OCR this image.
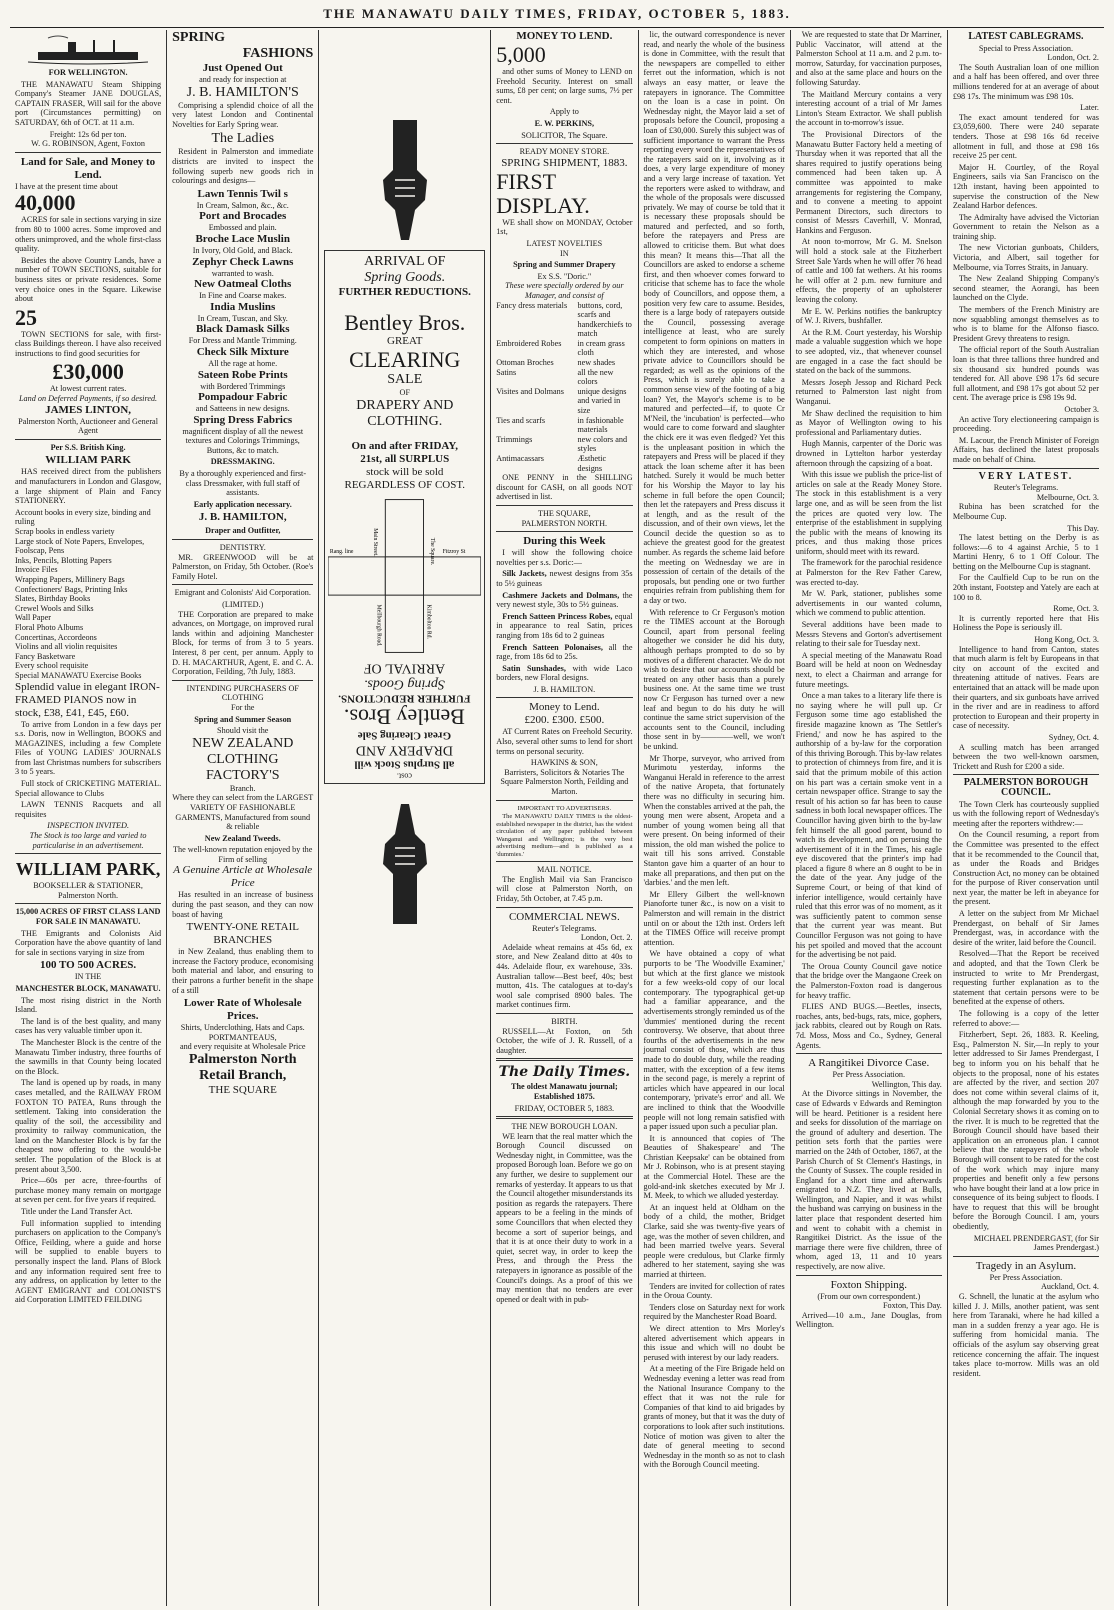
THE MANAWATU DAILY TIMES, FRIDAY, OCTOBER 5, 1883.
FOR WELLINGTON.

THE MANAWATU Steam Shipping Company's Steamer JANE DOUGLAS, CAPTAIN FRASER, Will sail for the above port (Circumstances permitting) on SATURDAY, 6th of OCT. at 11 a.m.

Freight: 12s 6d per ton.
W. G. ROBINSON, Agent, Foxton
Land for Sale, and Money to Lend.
I have at the present time about
40,000

ACRES for sale in sections varying in size from 80 to 1000 acres. Some improved and others unimproved, and the whole first-class quality.

Besides the above Country Lands, have a number of TOWN SECTIONS, suitable for business sites or private residences. Some very choice ones in the Square. Likewise about

25

TOWN SECTIONS for sale, with first-class Buildings thereon. I have also received instructions to find good securities for

£30,000
At lowest current rates.
Land on Deferred Payments, if so desired.
JAMES LINTON,
Palmerston North, Auctioneer and General Agent
Per S.S. British King.
WILLIAM PARK

HAS received direct from the publishers and manufacturers in London and Glasgow, a large shipment of Plain and Fancy STATIONERY.

Account books in every size, binding and ruling
Scrap books in endless variety
Large stock of Note Papers, Envelopes, Foolscap, Pens
Inks, Pencils, Blotting Papers
Invoice Files
Wrapping Papers, Millinery Bags
Confectioners' Bags, Printing Inks
Slates, Birthday Books
Crewel Wools and Silks
Wall Paper
Floral Photo Albums
Concertinas, Accordeons
Violins and all violin requisites
Fancy Basketware
Every school requisite
Special MANAWATU Exercise Books
Splendid value in elegant IRON-FRAMED PIANOS now in stock, £38, £41, £45, £60.

To arrive from London in a few days per s.s. Doris, now in Wellington, BOOKS and MAGAZINES, including a few Complete Files of YOUNG LADIES' JOURNALS from last Christmas numbers for subscribers 3 to 5 years.

Full stock of CRICKETING MATERIAL. Special allowance to Clubs

LAWN TENNIS Racquets and all requisites

INSPECTION INVITED.
The Stock is too large and varied to particularise in an advertisement.
WILLIAM PARK,
BOOKSELLER & STATIONER, Palmerston North.
15,000 ACRES OF FIRST CLASS LAND FOR SALE IN MANAWATU.

THE Emigrants and Colonists Aid Corporation have the above quantity of land for sale in sections varying in size from

100 TO 500 ACRES.
IN THE
MANCHESTER BLOCK, MANAWATU.

The most rising district in the North Island.

The land is of the best quality, and many cases has very valuable timber upon it.

The Manchester Block is the centre of the Manawatu Timber industry, three fourths of the sawmills in that County being located on the Block.

The land is opened up by roads, in many cases metalled, and the RAILWAY FROM FOXTON TO PATEA, Runs through the settlement. Taking into consideration the quality of the soil, the accessibility and proximity to railway communication, the land on the Manchester Block is by far the cheapest now offering to the would-be settler. The population of the Block is at present about 3,500.

Price—60s per acre, three-fourths of purchase money many remain on mortgage at seven per cent. for five years if required.

Title under the Land Transfer Act.

Full information supplied to intending purchasers on application to the Company's Office, Feilding, where a guide and horse will be supplied to enable buyers to personally inspect the land. Plans of Block and any information required sent free to any address, on application by letter to the AGENT EMIGRANT and COLONIST'S aid Corporation LIMITED FEILDING

SPRING
FASHIONS
Just Opened Out
and ready for inspection at
J. B. HAMILTON'S

Comprising a splendid choice of all the very latest London and Continental Novelties for Early Spring wear.

The Ladies

Resident in Palmerston and immediate districts are invited to inspect the following superb new goods rich in colourings and designs—

Lawn Tennis Twil s
In Cream, Salmon, &c., &c.
Port and Brocades
Embossed and plain.
Broche Lace Muslin
In Ivory, Old Gold, and Black.
Zephyr Check Lawns
warranted to wash.
New Oatmeal Cloths
In Fine and Coarse makes.
India Muslins
In Cream, Tuscan, and Sky.
Black Damask Silks
For Dress and Mantle Trimming.
Check Silk Mixture
All the rage at home.
Sateen Robe Prints
with Bordered Trimmings
Pompadour Fabric
and Satteens in new designs.
Spring Dress Fabrics
magnificent display of all the newest textures and Colorings Trimmings, Buttons, &c to match.
DRESSMAKING.
By a thoroughly experienced and first-class Dressmaker, with full staff of assistants.
Early application necessary.
J. B. HAMILTON,
Draper and Outfitter,
DENTISTRY.

MR. GREENWOOD will be at Palmerston, on Friday, 5th October. (Roe's Family Hotel.

Emigrant and Colonists' Aid Corporation.
(LIMITED.)

THE Corporation are prepared to make advances, on Mortgage, on improved rural lands within and adjoining Manchester Block, for terms of from 3 to 5 years. Interest, 8 per cent, per annum. Apply to D. H. MACARTHUR, Agent, E. and C. A. Corporation, Feilding, 7th July, 1883.

INTENDING PURCHASERS OF CLOTHING
For the
Spring and Summer Season
Should visit the
NEW ZEALAND CLOTHING FACTORY'S
Branch.
Where they can select from the LARGEST VARIETY OF FASHIONABLE GARMENTS, Manufactured from sound & reliable
New Zealand Tweeds.
The well-known reputation enjoyed by the Firm of selling
A Genuine Article at Wholesale Price

Has resulted in an increase of business during the past season, and they can now boast of having

TWENTY-ONE RETAIL BRANCHES

in New Zealand, thus enabling them to increase the Factory produce, economising both material and labor, and ensuring to their patrons a further benefit in the shape of a still

Lower Rate of Wholesale Prices.
Shirts, Underclothing, Hats and Caps.
PORTMANTEAUS,
and every requisite at Wholesale Price
Palmerston North Retail Branch,
THE SQUARE
ARRIVAL OF
Spring Goods.
FURTHER REDUCTIONS.
Bentley Bros.
GREAT
CLEARING
SALE
OF
DRAPERY AND
CLOTHING.
On and after FRIDAY,
21st, all SURPLUS
stock will be sold
REGARDLESS OF COST.
Main Street.	The Square.
Rang. line	Fitzroy St
Mellbourgh Road.	Kimbolton Rd.
cost.
all Surplus Stock will
DRAPERY AND
Great Clearing Sale
Bentley Bros.
FURTHER REDUCTIONS.
Spring Goods.
ARRIVAL OF
MONEY TO LEND.
5,000

and other sums of Money to LEND on Freehold Security. Interest on small sums, £8 per cent; on large sums, 7½ per cent.

Apply to
E. W. PERKINS,
SOLICITOR, The Square.
READY MONEY STORE.
SPRING SHIPMENT, 1883.
FIRST DISPLAY.

WE shall show on MONDAY, October 1st,

LATEST NOVELTIES
IN
Spring and Summer Drapery
Ex S.S. "Doric."
These were specially ordered by our Manager, and consist of
Fancy dress materials buttons, cord, scarfs and handkerchiefs to match
Embroidered Robes in cream grass cloth
Ottoman Broches	new shades
Satins	all the new colors
Visites and Dolmans unique designs and varied in size
Ties and scarfs	in fashionable materials
Trimmings	new colors and styles
Antimacassars	Æsthetic designs

ONE PENNY in the SHILLING discount for CASH, on all goods NOT advertised in list.

THE SQUARE,
PALMERSTON NORTH.
During this Week

I will show the following choice novelties per s.s. Doric:—

Silk Jackets, newest designs from 35s to 5½ guineas

Cashmere Jackets and Dolmans, the very newest style, 30s to 5½ guineas.

French Satteen Princess Robes, equal in appearance to real Satin, prices ranging from 18s 6d to 2 guineas

French Satteen Polonaises, all the rage, from 18s 6d to 25s.

Satin Sunshades, with wide Laco borders, new Floral designs.

J. B. HAMILTON.
Money to Lend.
£200. £300. £500.

AT Current Rates on Freehold Security. Also, several other sums to lend for short terms on personal security.

HAWKINS & SON,
Barristers, Solicitors & Notaries The Square Palmerston North, Feilding and Marton.
IMPORTANT TO ADVERTISERS.

The MANAWATU DAILY TIMES is the oldest-established newspaper in the district, has the widest circulation of any paper published between Wanganui and Wellington; is the very best advertising medium—and is published as a 'dummies.'

MAIL NOTICE.

The English Mail via San Francisco will close at Palmerston North, on Friday, 5th October, at 7.45 p.m.

COMMERCIAL NEWS.
Reuter's Telegrams.
London, Oct. 2.

Adelaide wheat remains at 45s 6d, ex store, and New Zealand ditto at 40s to 44s. Adelaide flour, ex warehouse, 33s. Australian tallow—Best beef, 40s; best mutton, 41s. The catalogues at to-day's wool sale comprised 8900 bales. The market continues firm.

BIRTH.

RUSSELL—At Foxton, on 5th October, the wife of J. R. Russell, of a daughter.

The Daily Times.
The oldest Manawatu journal; Established 1875.
FRIDAY, OCTOBER 5, 1883.
THE NEW BOROUGH LOAN.

WE learn that the real matter which the Borough Council discussed on Wednesday night, in Committee, was the proposed Borough loan. Before we go on any further, we desire to supplement our remarks of yesterday. It appears to us that the Council altogether misunderstands its position as regards the ratepayers. There appears to be a feeling in the minds of some Councillors that when elected they become a sort of superior beings, and that it is at once their duty to work in a quiet, secret way, in order to keep the Press, and through the Press the ratepayers in ignorance as possible of the Council's doings. As a proof of this we may mention that no tenders are ever opened or dealt with in pub-

lic, the outward correspondence is never read, and nearly the whole of the business is done in Committee, with the result that the newspapers are compelled to either ferret out the information, which is not always an easy matter, or leave the ratepayers in ignorance. The Committee on the loan is a case in point. On Wednesday night, the Mayor laid a set of proposals before the Council, proposing a loan of £30,000. Surely this subject was of sufficient importance to warrant the Press reporting every word the representatives of the ratepayers said on it, involving as it does, a very large expenditure of money and a very large increase of taxation. Yet the reporters were asked to withdraw, and the whole of the proposals were discussed privately. We may of course be told that it is necessary these proposals should be matured and perfected, and so forth, before the ratepayers and Press are allowed to criticise them. But what does this mean? It means this—That all the Councillors are asked to endorse a scheme first, and then whoever comes forward to criticise that scheme has to face the whole body of Councillors, and oppose them, a position very few care to assume. Besides, there is a large body of ratepayers outside the Council, possessing average intelligence at least, who are surely competent to form opinions on matters in which they are interested, and whose private advice to Councillors should be regarded; as well as the opinions of the Press, which is surely able to take a common sense view of the footing of a big loan? Yet, the Mayor's scheme is to be matured and perfected—if, to quote Cr M'Neil, the 'incubation' is perfected—who would care to come forward and slaughter the chick ere it was even fledged? Yet this is the unpleasant position in which the ratepayers and Press will be placed if they attack the loan scheme after it has been hatched. Surely it would be much better for his Worship the Mayor to lay his scheme in full before the open Council; then let the ratepayers and Press discuss it at length, and as the result of the discussion, and of their own views, let the Council decide the question so as to achieve the greatest good for the greatest number. As regards the scheme laid before the meeting on Wednesday we are in possession of certain of the details of the proposals, but pending one or two further enquiries refrain from publishing them for a day or two.

With reference to Cr Ferguson's motion re the TIMES account at the Borough Council, apart from personal feeling altogether we consider he did his duty, although perhaps prompted to do so by motives of a different character. We do not wish to desire that our accounts should be treated on any other basis than a purely business one. At the same time we trust now Cr Ferguson has turned over a new leaf and begun to do his duty he will continue the same strict supervision of the accounts sent to the Council, including those sent in by————well, we won't be unkind.

Mr Thorpe, surveyor, who arrived from Murimotu yesterday, informs the Wanganui Herald in reference to the arrest of the native Aropeta, that fortunately there was no difficulty in securing him. When the constables arrived at the pah, the young men were absent, Aropeta and a number of young women being all that were present. On being informed of their mission, the old man wished the police to wait till his sons arrived. Constable Stanton gave him a quarter of an hour to make all preparations, and then put on the 'darbies.' and the men left.

Mr Ellery Gilbert the well-known Pianoforte tuner &c., is now on a visit to Palmerston and will remain in the district until on or about the 12th inst. Orders left at the TIMES Office will receive prompt attention.

We have obtained a copy of what purports to be 'The Woodville Examiner,' but which at the first glance we mistook for a few weeks-old copy of our local contemporary. The typographical get-up had a familiar appearance, and the advertisements strongly reminded us of the 'dummies' mentioned during the recent controversy. We observe, that about three fourths of the advertisements in the new journal consist of those, which are thus made to do double duty, while the reading matter, with the exception of a few items in the second page, is merely a reprint of articles which have appeared in our local contemporary, 'private's error' and all. We are inclined to think that the Woodville people will not long remain satisfied with a paper issued upon such a peculiar plan.

It is announced that copies of 'The Beauties of Shakespeare' and 'The Christian Keepsake' can be obtained from Mr J. Robinson, who is at present staying at the Commercial Hotel. These are the gold-and-ink sketches executed by Mr J. M. Meek, to which we alluded yesterday.

At an inquest held at Oldham on the body of a child, the mother, Bridget Clarke, said she was twenty-five years of age, was the mother of seven children, and had been married twelve years. Several people were credulous, but Clarke firmly adhered to her statement, saying she was married at thirteen.

Tenders are invited for collection of rates in the Oroua County.

Tenders close on Saturday next for work required by the Manchester Road Board.

We direct attention to Mrs Morley's altered advertisement which appears in this issue and which will no doubt be perused with interest by our lady readers.

At a meeting of the Fire Brigade held on Wednesday evening a letter was read from the National Insurance Company to the effect that it was not the rule for Companies of that kind to aid brigades by grants of money, but that it was the duty of corporations to look after such institutions. Notice of motion was given to alter the date of general meeting to second Wednesday in the month so as not to clash with the Borough Council meeting.

We are requested to state that Dr Marriner, Public Vaccinator, will attend at the Palmerston School at 11 a.m. and 2 p.m. to-morrow, Saturday, for vaccination purposes, and also at the same place and hours on the following Saturday.

The Maitland Mercury contains a very interesting account of a trial of Mr James Linton's Steam Extractor. We shall publish the account in to-morrow's issue.

The Provisional Directors of the Manawatu Butter Factory held a meeting of Thursday when it was reported that all the shares required to justify operations being commenced had been taken up. A committee was appointed to make arrangements for registering the Company, and to convene a meeting to appoint Permanent Directors, such directors to consist of Messrs Caverhill, V. Monrad, Hankins and Ferguson.

At noon to-morrow, Mr G. M. Snelson will hold a stock sale at the Fitzherbert Street Sale Yards when he will offer 76 head of cattle and 100 fat wethers. At his rooms he will offer at 2 p.m. new furniture and effects, the property of an upholsterer leaving the colony.

Mr E. W. Perkins notifies the bankruptcy of W. J. Rivers, bushfaller.

At the R.M. Court yesterday, his Worship made a valuable suggestion which we hope to see adopted, viz., that whenever counsel are engaged in a case the fact should be stated on the back of the summons.

Messrs Joseph Jessop and Richard Peck returned to Palmerston last night from Wanganui.

Mr Shaw declined the requisition to him as Mayor of Wellington owing to his professional and Parliamentary duties.

Hugh Mannis, carpenter of the Doric was drowned in Lyttelton harbor yesterday afternoon through the capsizing of a boat.

With this issue we publish the price-list of articles on sale at the Ready Money Store. The stock in this establishment is a very large one, and as will be seen from the list the prices are quoted very low. The enterprise of the establishment in supplying the public with the means of knowing its prices, and thus making those prices uniform, should meet with its reward.

The framework for the parochial residence at Palmerston for the Rev Father Carew, was erected to-day.

Mr W. Park, stationer, publishes some advertisements in our wanted column, which we commend to public attention.

Several additions have been made to Messrs Stevens and Gorton's advertisement relating to their sale for Tuesday next.

A special meeting of the Manawatu Road Board will be held at noon on Wednesday next, to elect a Chairman and arrange for future meetings.

Once a man takes to a literary life there is no saying where he will pull up. Cr Ferguson some time ago established the fireside magazine known as 'The Settler's Friend,' and now he has aspired to the authorship of a by-law for the corporation of this thriving Borough. This by-law relates to protection of chimneys from fire, and it is said that the primum mobile of this action on his part was a certain smoke vent in a certain newspaper office. Strange to say the result of his action so far has been to cause sadness in both local newspaper offices. The Councillor having given birth to the by-law felt himself the all good parent, bound to watch its development, and on perusing the advertisement of it in the Times, his eagle eye discovered that the printer's imp had placed a figure 8 where an 8 ought to be in the date of the year. Any judge of the Supreme Court, or being of that kind of inferior intelligence, would certainly have ruled that this error was of no moment, as it was sufficiently patent to common sense that the current year was meant. But Councillor Ferguson was not going to have his pet spoiled and moved that the account for the advertising be not paid.

The Oroua County Council gave notice that the bridge over the Mangaone Creek on the Palmerston-Foxton road is dangerous for heavy traffic.

FLIES AND BUGS.—Beetles, insects, roaches, ants, bed-bugs, rats, mice, gophers, jack rabbits, cleared out by Rough on Rats. 7d. Moss, Moss and Co., Sydney, General Agents.

A Rangitikei Divorce Case.
Per Press Association.
Wellington, This day.

At the Divorce sittings in November, the case of Edwards v Edwards and Remington will be heard. Petitioner is a resident here and seeks for dissolution of the marriage on the ground of adultery and desertion. The petition sets forth that the parties were married on the 24th of October, 1867, at the Parish Church of St Clement's Hastings, in the County of Sussex. The couple resided in England for a short time and afterwards emigrated to N.Z. They lived at Bulls, Wellington, and Napier, and it was whilst the husband was carrying on business in the latter place that respondent deserted him and went to cohabit with a chemist in Rangitikei District. As the issue of the marriage there were five children, three of whom, aged 13, 11 and 10 years respectively, are now alive.

Foxton Shipping.
(From our own correspondent.)
Foxton, This Day.

Arrived—10 a.m., Jane Douglas, from Wellington.

LATEST CABLEGRAMS.
Special to Press Association.
London, Oct. 2.

The South Australian loan of one million and a half has been offered, and over three millions tendered for at an average of about £98 17s. The minimum was £98 10s.

Later.

The exact amount tendered for was £3,059,600. There were 240 separate tenders. Those at £98 16s 6d receive allotment in full, and those at £98 16s receive 25 per cent.

Major H. Courtley, of the Royal Engineers, sails via San Francisco on the 12th instant, having been appointed to supervise the construction of the New Zealand Harbor defences.

The Admiralty have advised the Victorian Government to retain the Nelson as a training ship.

The new Victorian gunboats, Childers, Victoria, and Albert, sail together for Melbourne, via Torres Straits, in January.

The New Zealand Shipping Company's second steamer, the Aorangi, has been launched on the Clyde.

The members of the French Ministry are now squabbling amongst themselves as to who is to blame for the Alfonso fiasco. President Grevy threatens to resign.

The official report of the South Australian loan is that three tallions three hundred and six thousand six hundred pounds was tendered for. All above £98 17s 6d secure full allotment, and £98 17s got about 52 per cent. The average price is £98 19s 9d.

October 3.

An active Tory electioneering campaign is proceeding.

M. Lacour, the French Minister of Foreign Affairs, has declined the latest proposals made on behalf of China.

VERY LATEST.
Reuter's Telegrams.
Melbourne, Oct. 3.

Rubina has been scratched for the Melbourne Cup.

This Day.

The latest betting on the Derby is as follows:—6 to 4 against Archie, 5 to 1 Martini Henry, 6 to 1 Off Colour. The betting on the Melbourne Cup is stagnant.

For the Caulfield Cup to be run on the 20th instant, Footstep and Yately are each at 100 to 8.

Rome, Oct. 3.

It is currently reported here that His Holiness the Pope is seriously ill.

Hong Kong, Oct. 3.

Intelligence to hand from Canton, states that much alarm is felt by Europeans in that city on account of the excited and threatening attitude of natives. Fears are entertained that an attack will be made upon their quarters, and six gunboats have arrived in the river and are in readiness to afford protection to European and their property in case of necessity.

Sydney, Oct. 4.

A sculling match has been arranged between the two well-known oarsmen, Trickett and Rush for £200 a side.

PALMERSTON BOROUGH COUNCIL.

The Town Clerk has courteously supplied us with the following report of Wednesday's meeting after the reporters withdrew:—

On the Council resuming, a report from the Committee was presented to the effect that it be recommended to the Council that, as under the Roads and Bridges Construction Act, no money can be obtained for the purpose of River conservation until next year, the matter be left in abeyance for the present.

A letter on the subject from Mr Michael Prendergast, on behalf of Sir James Prendergast, was, in accordance with the desire of the writer, laid before the Council.

Resolved—That the Report be received and adopted, and that the Town Clerk be instructed to write to Mr Prendergast, requesting further explanation as to the statement that certain persons were to be benefited at the expense of others.

The following is a copy of the letter referred to above:—

Fitzherbert, Sept. 26, 1883. R. Keeling, Esq., Palmerston N. Sir,—In reply to your letter addressed to Sir James Prendergast, I beg to inform you on his behalf that he objects to the proposal, none of his estates are affected by the river, and section 207 does not come within several claims of it, although the map forwarded by you to the Colonial Secretary shows it as coming on to the river. It is much to be regretted that the Borough Council should have based their application on an erroneous plan. I cannot believe that the ratepayers of the whole Borough will consent to be rated for the cost of the work which may injure many properties and benefit only a few persons who have bought their land at a low price in consequence of its being subject to floods. I have to request that this will be brought before the Borough Council. I am, yours obediently,

MICHAEL PRENDERGAST, (for Sir James Prendergast.)

Tragedy in an Asylum.
Per Press Association.
Auckland, Oct. 4.

G. Schnell, the lunatic at the asylum who killed J. J. Mills, another patient, was sent here from Taranaki, where he had killed a man in a sudden frenzy a year ago. He is suffering from homicidal mania. The officials of the asylum say observing great reticence concerning the affair. The inquest takes place to-morrow. Mills was an old resident.
